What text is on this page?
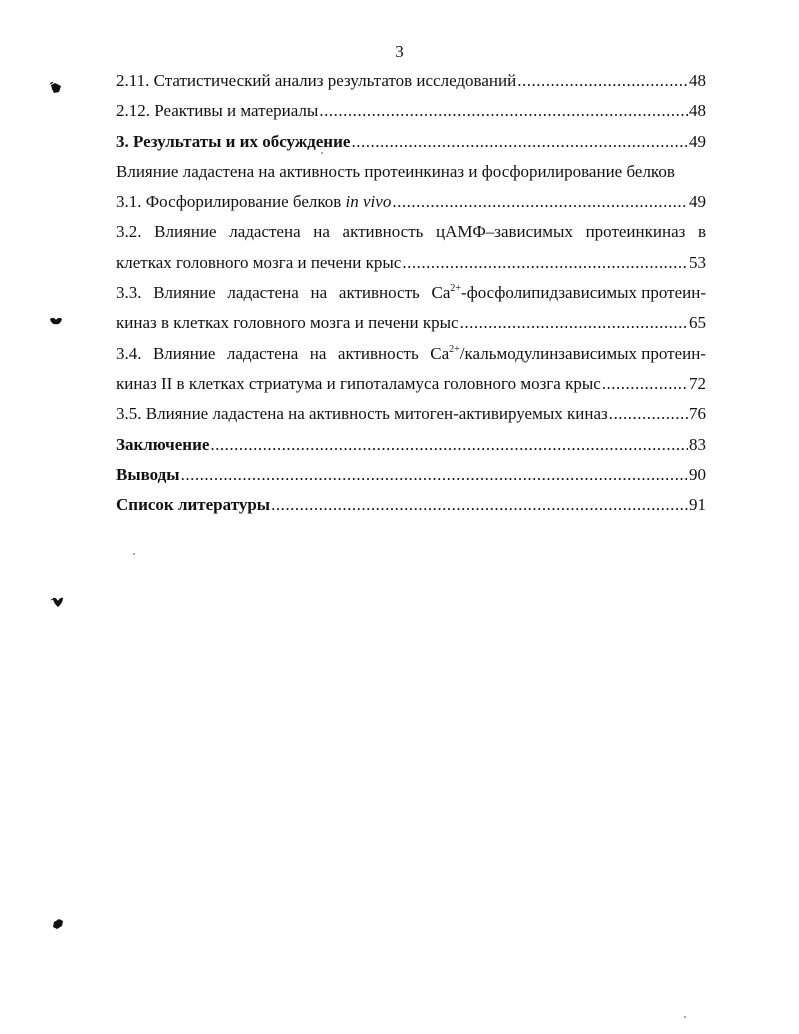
3
2.11. Статистический анализ результатов исследований .....	48
2.12. Реактивы и материалы .....	48
3. Результаты и их обсуждение .....	49
Влияние ладастена на активность протеинкиназ и фосфорилирование белков
3.1. Фосфорилирование белков in vivo .....	49
3.2. Влияние ладастена на активность цАМФ–зависимых протеинкиназ в
клетках головного мозга и печени крыс .....	53
3.3. Влияние ладастена на активность $Ca^{2+}$-фосфолипидзависимых протеин-
киназ в клетках головного мозга и печени крыс .....	65
3.4. Влияние ладастена на активность $Ca^{2+}$/кальмодулинзависимых протеин-
киназ II в клетках стриатума и гипоталамуса головного мозга крыс .....	72
3.5. Влияние ладастена на активность митоген-активируемых киназ .....	76
Заключение .....	83
Выводы .....	90
Список литературы .....	91
